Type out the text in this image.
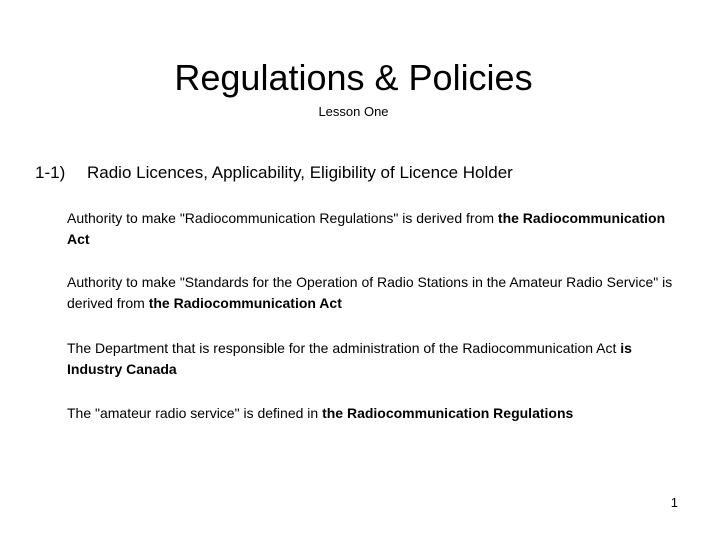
Regulations & Policies
Lesson One
1-1) Radio Licences, Applicability, Eligibility of Licence Holder
Authority to make "Radiocommunication Regulations" is derived from the Radiocommunication Act
Authority to make "Standards for the Operation of Radio Stations in the Amateur Radio Service" is derived from the Radiocommunication Act
The Department that is responsible for the administration of the Radiocommunication Act is Industry Canada
The "amateur radio service" is defined in the Radiocommunication Regulations
1
